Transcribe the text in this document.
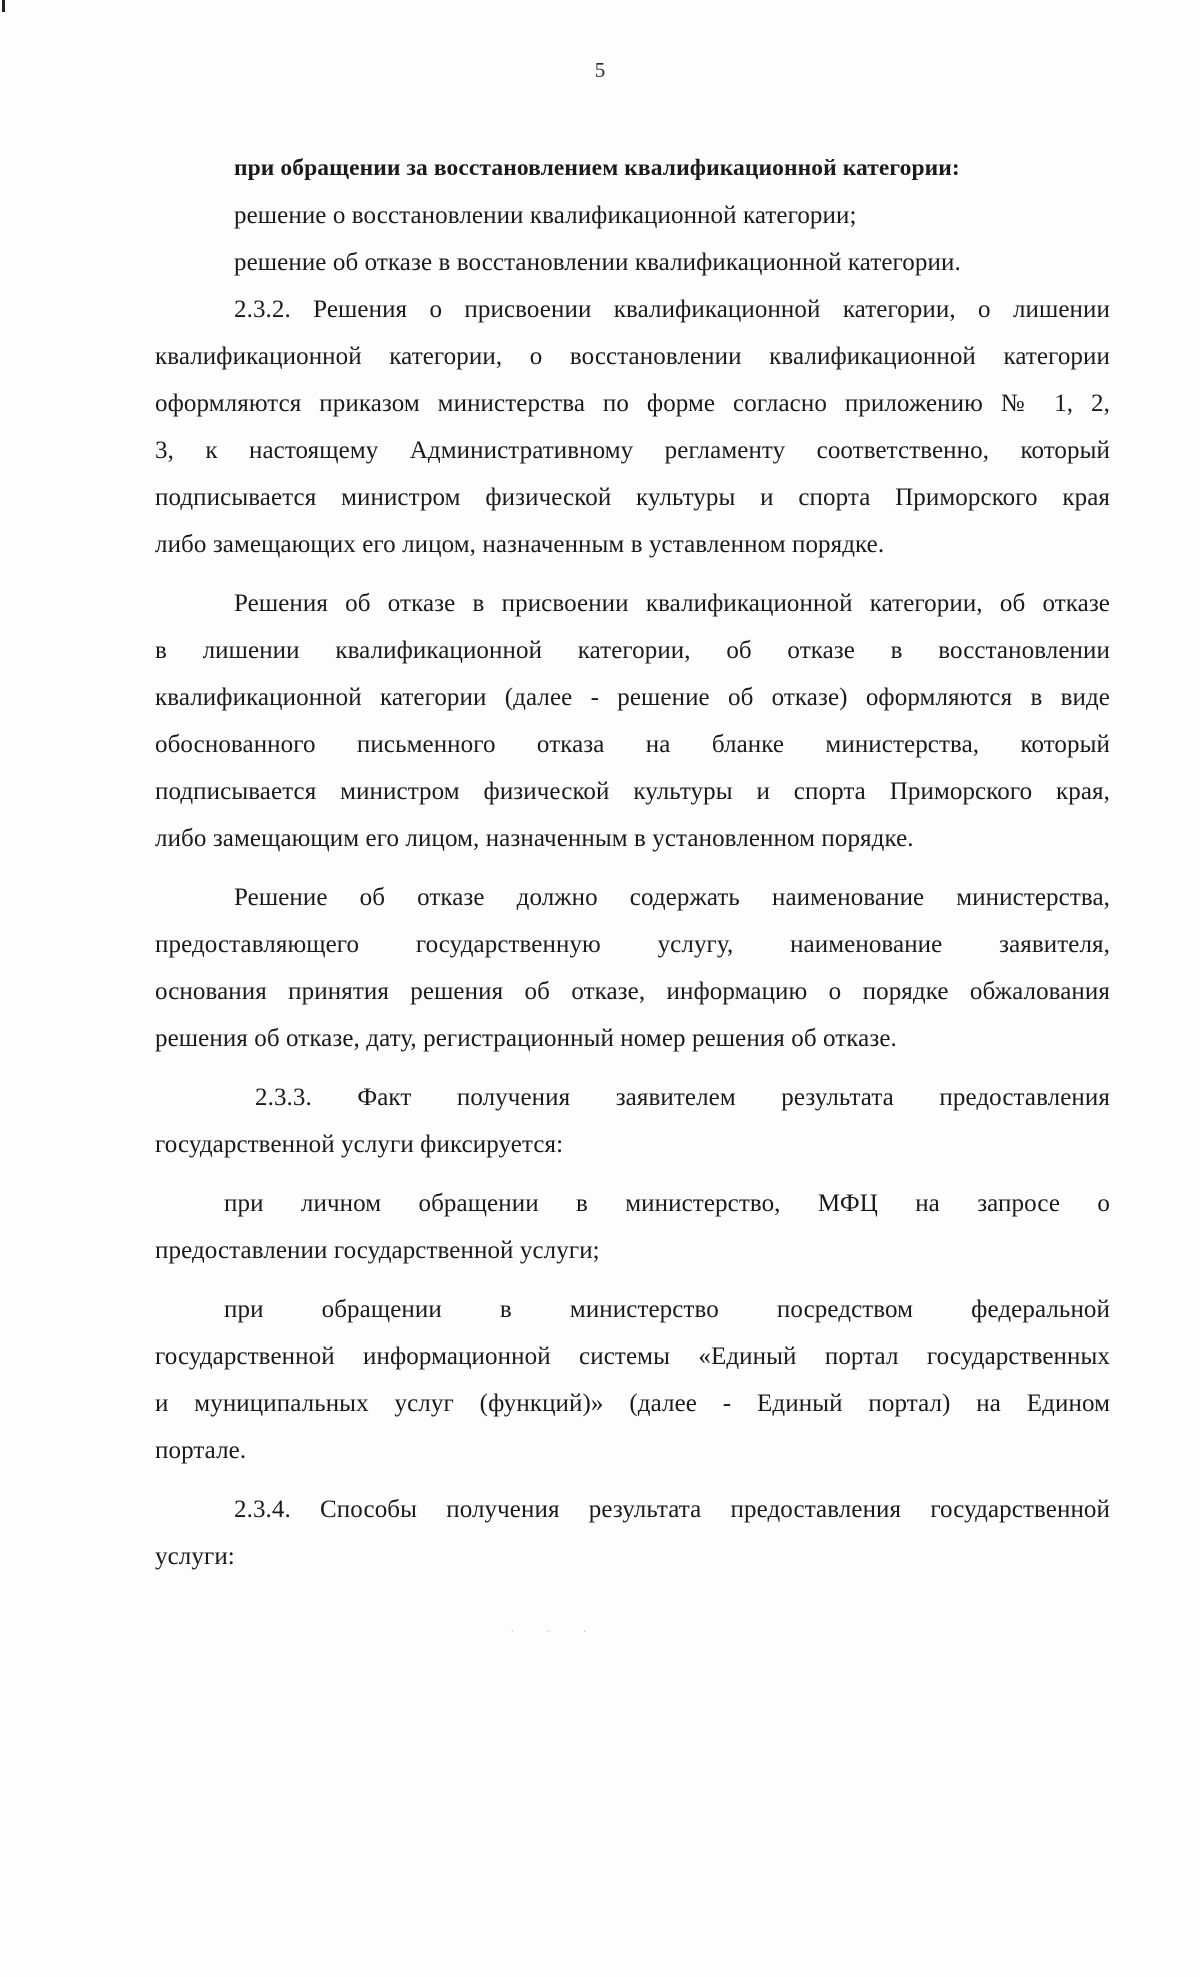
5
при обращении за восстановлением квалификационной категории:
решение о восстановлении квалификационной категории;
решение об отказе в восстановлении квалификационной категории.
2.3.2. Решения о присвоении квалификационной категории, о лишении
квалификационной категории, о восстановлении квалификационной категории
оформляются приказом министерства по форме согласно приложению № 1, 2,
3, к настоящему Административному регламенту соответственно, который
подписывается министром физической культуры и спорта Приморского края
либо замещающих его лицом, назначенным в уставленном порядке.
Решения об отказе в присвоении квалификационной категории, об отказе
в лишении квалификационной категории, об отказе в восстановлении
квалификационной категории (далее - решение об отказе) оформляются в виде
обоснованного письменного отказа на бланке министерства, который
подписывается министром физической культуры и спорта Приморского края,
либо замещающим его лицом, назначенным в установленном порядке.
Решение об отказе должно содержать наименование министерства,
предоставляющего государственную услугу, наименование заявителя,
основания принятия решения об отказе, информацию о порядке обжалования
решения об отказе, дату, регистрационный номер решения об отказе.
2.3.3. Факт получения заявителем результата предоставления
государственной услуги фиксируется:
при личном обращении в министерство, МФЦ на запросе о
предоставлении государственной услуги;
при обращении в министерство посредством федеральной
государственной информационной системы «Единый портал государственных
и муниципальных услуг (функций)» (далее - Единый портал) на Едином
портале.
2.3.4. Способы получения результата предоставления государственной
услуги:
· · ·
